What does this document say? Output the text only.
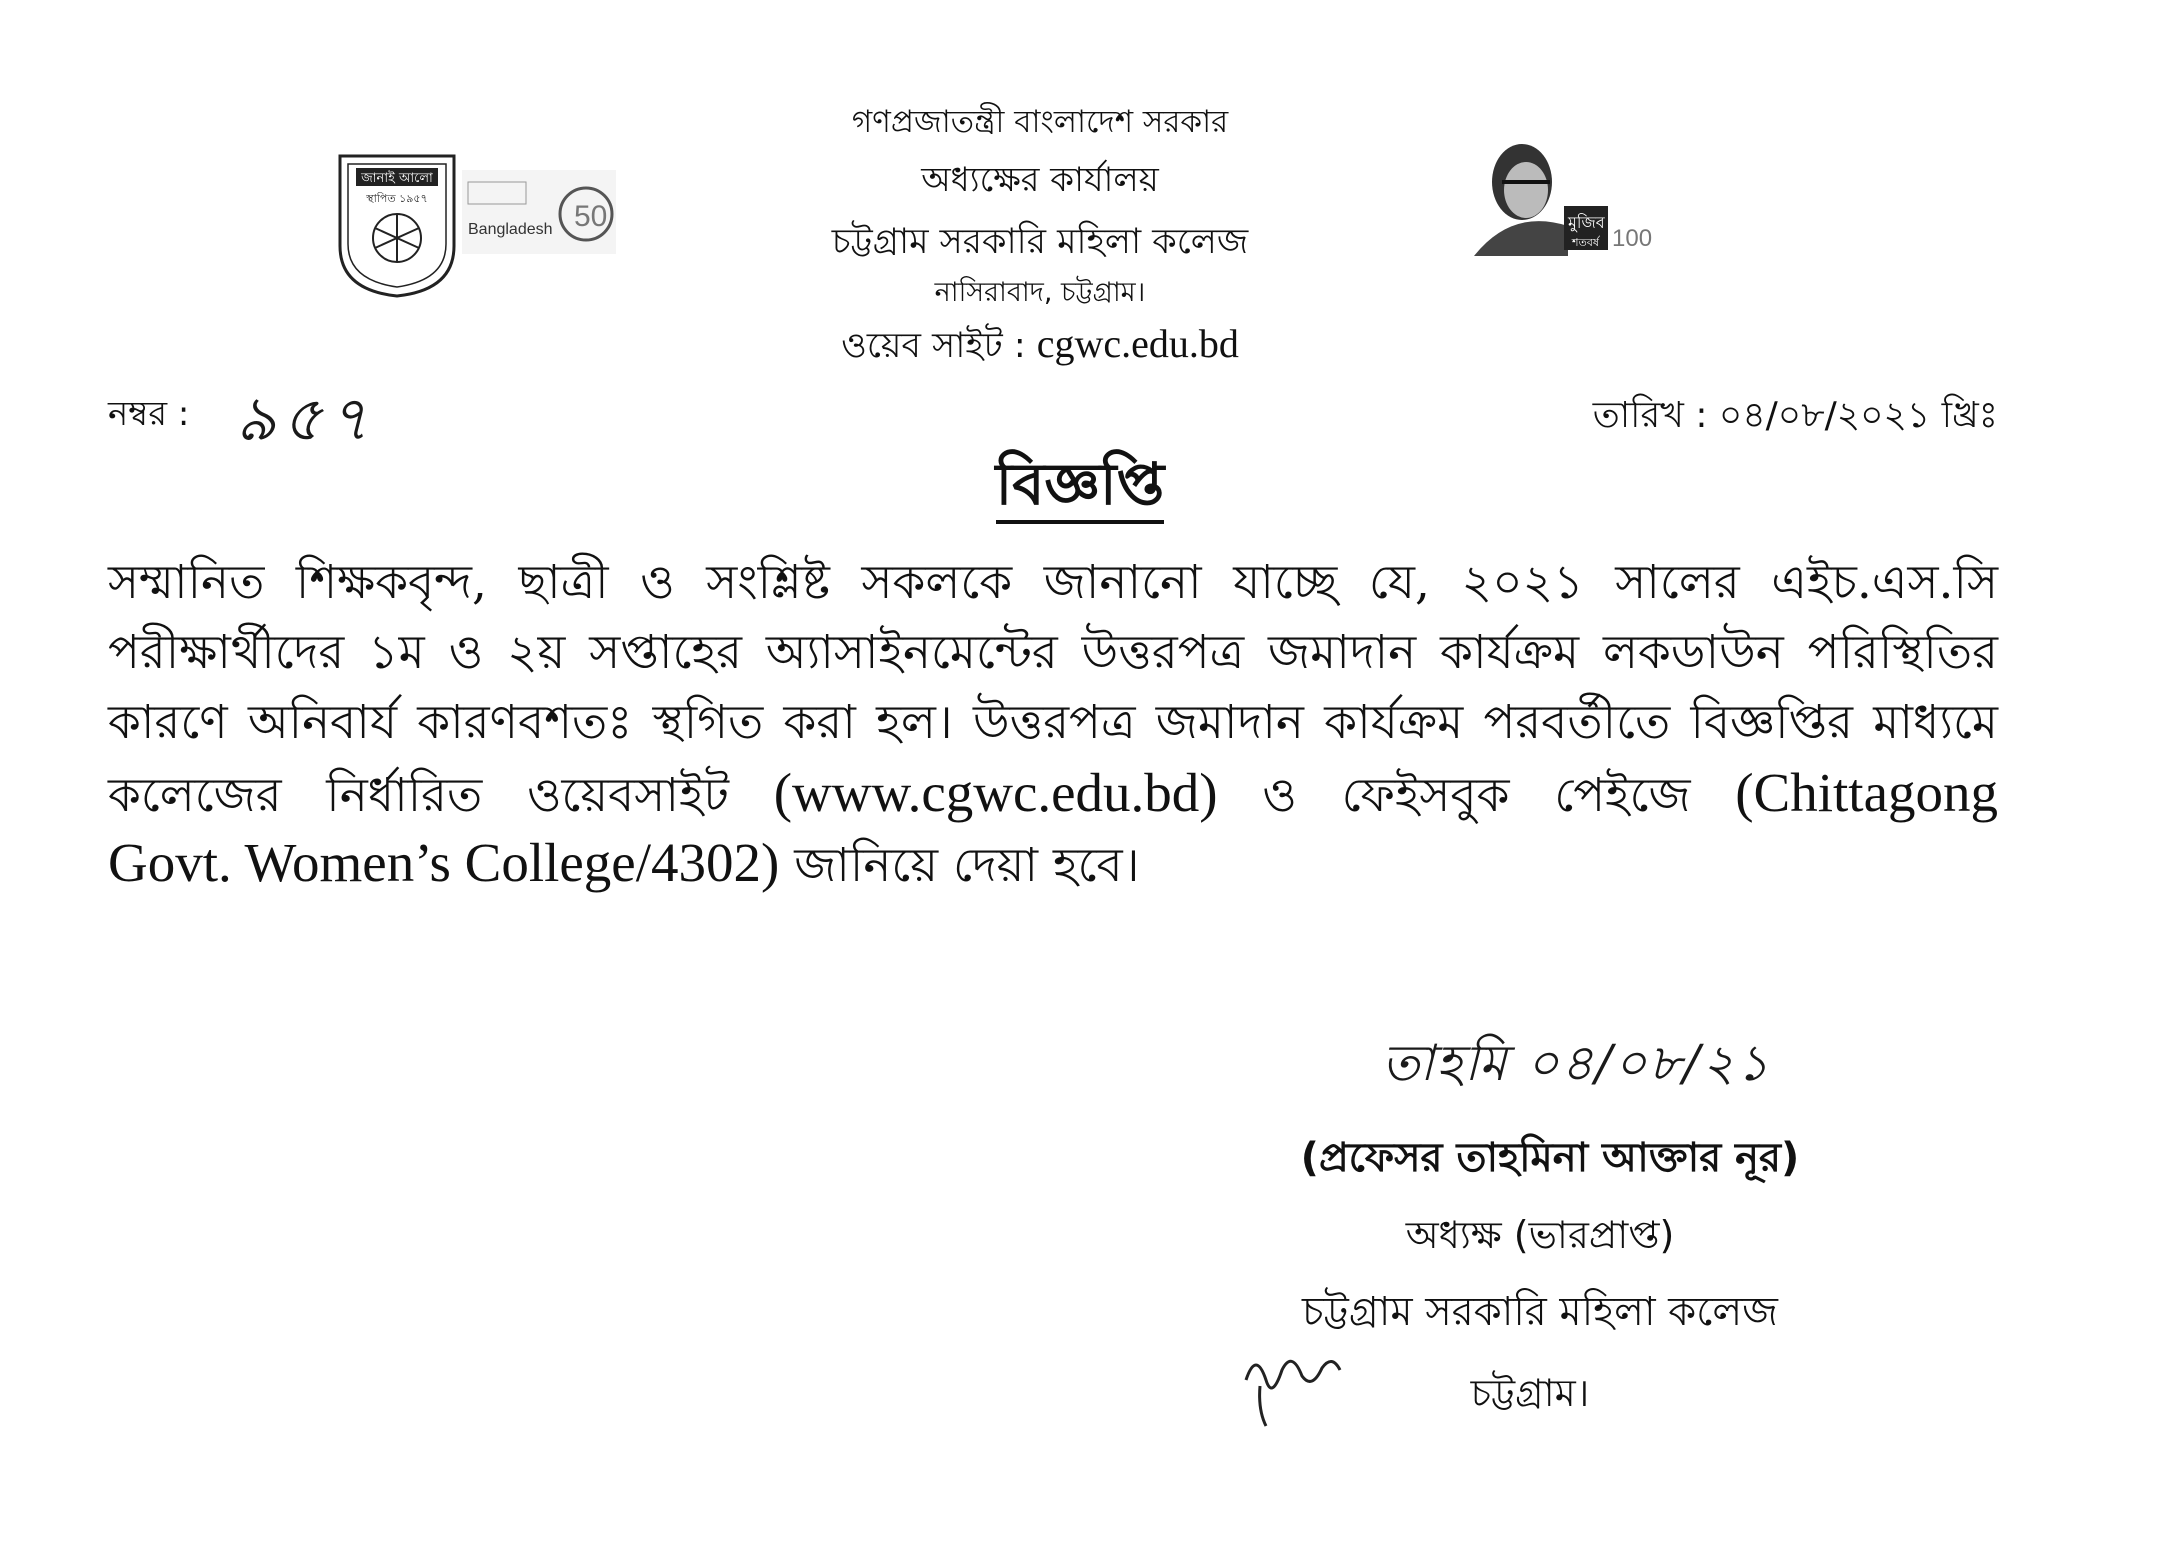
জানাই আলো
স্থাপিত ১৯৫৭
Bangladesh 50	মুজিব
শতবর্ষ 100
গণপ্রজাতন্ত্রী বাংলাদেশ সরকার
অধ্যক্ষের কার্যালয়
চট্টগ্রাম সরকারি মহিলা কলেজ
নাসিরাবাদ, চট্টগ্রাম।
ওয়েব সাইট : cgwc.edu.bd
নম্বর : ৯৫৭	তারিখ : ০৪/০৮/২০২১ খ্রিঃ
বিজ্ঞপ্তি
সম্মানিত শিক্ষকবৃন্দ, ছাত্রী ও সংশ্লিষ্ট সকলকে জানানো যাচ্ছে যে, ২০২১ সালের এইচ.এস.সি
পরীক্ষার্থীদের ১ম ও ২য় সপ্তাহের অ্যাসাইনমেন্টের উত্তরপত্র জমাদান কার্যক্রম লকডাউন পরিস্থিতির
কারণে অনিবার্য কারণবশতঃ স্থগিত করা হল। উত্তরপত্র জমাদান কার্যক্রম পরবর্তীতে বিজ্ঞপ্তির মাধ্যমে
কলেজের নির্ধারিত ওয়েবসাইট (www.cgwc.edu.bd) ও ফেইসবুক পেইজে (Chittagong
Govt. Women’s College/4302) জানিয়ে দেয়া হবে।
তাহমি ০৪/০৮/২১
(প্রফেসর তাহমিনা আক্তার নূর)
অধ্যক্ষ (ভারপ্রাপ্ত)
চট্টগ্রাম সরকারি মহিলা কলেজ
চট্টগ্রাম।
